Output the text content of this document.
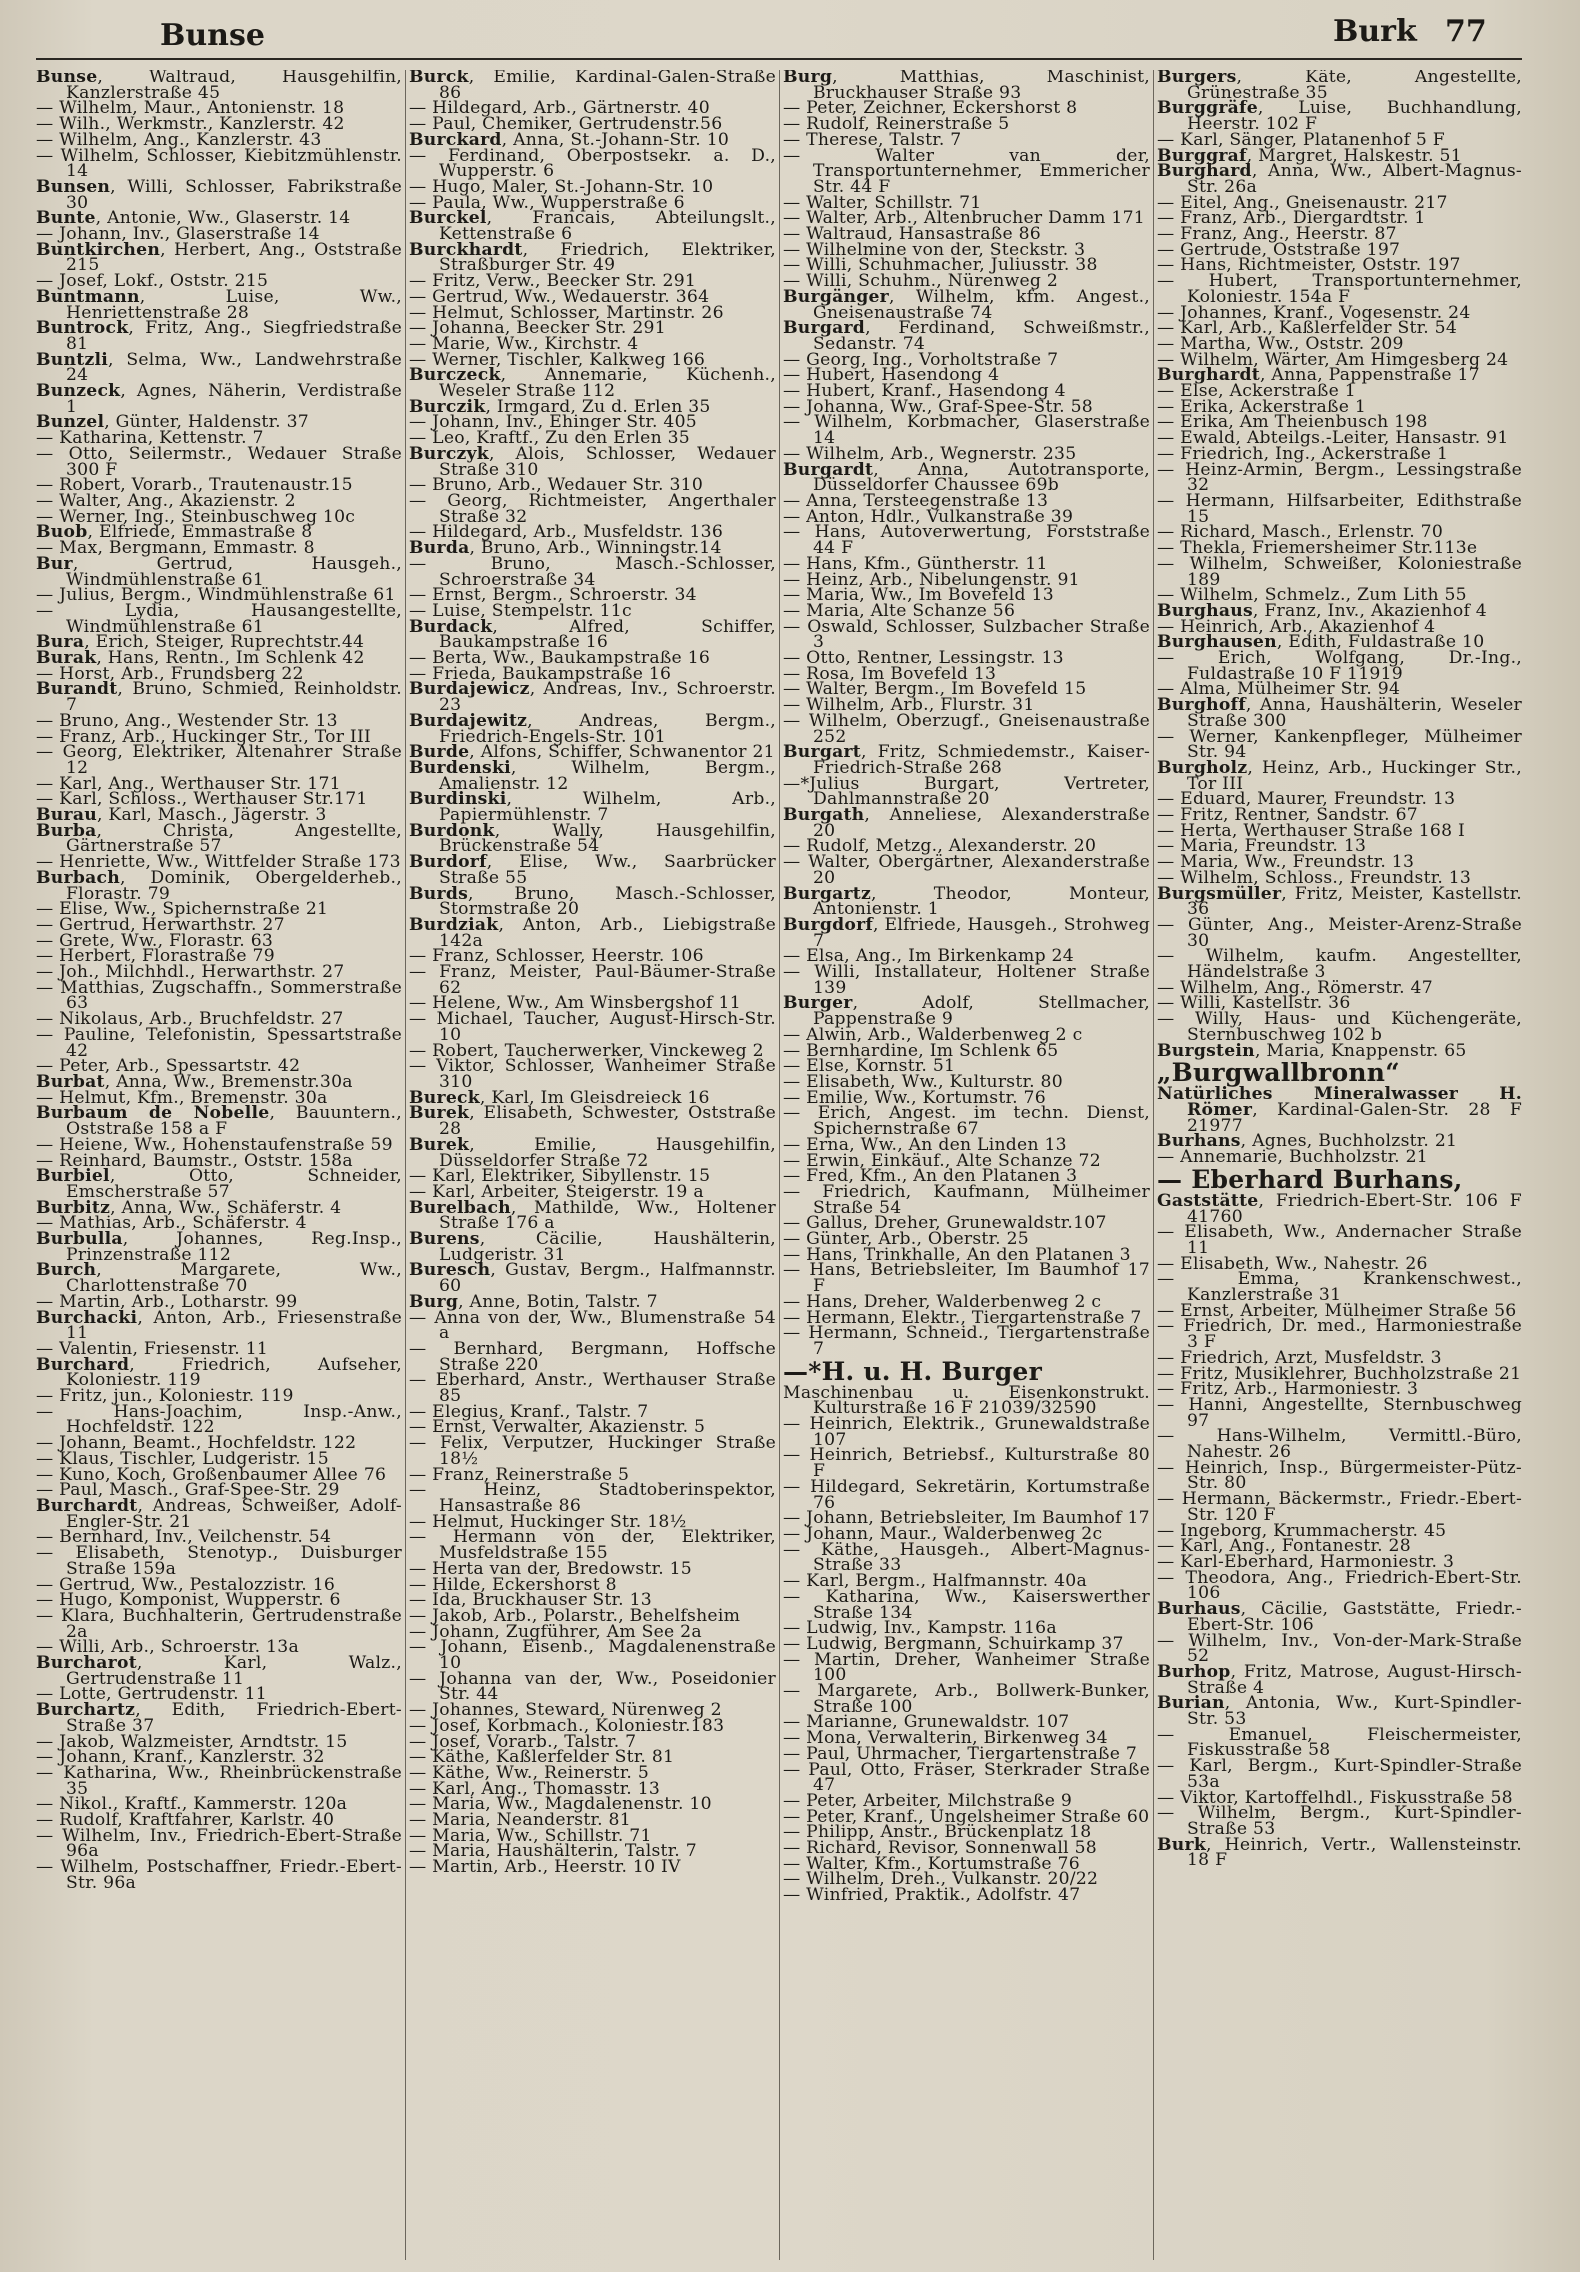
Bunse	Burk 77
Bunse, Waltraud, Hausgehilfin, Kanzlerstraße 45
— Wilhelm, Maur., Antonienstr. 18
— Wilh., Werkmstr., Kanzlerstr. 42
— Wilhelm, Ang., Kanzlerstr. 43
— Wilhelm, Schlosser, Kiebitzmühlenstr. 14
Bunsen, Willi, Schlosser, Fabrikstraße 30
Bunte, Antonie, Ww., Glaserstr. 14
— Johann, Inv., Glaserstraße 14
Buntkirchen, Herbert, Ang., Oststraße 215
— Josef, Lokf., Oststr. 215
Buntmann, Luise, Ww., Henriettenstraße 28
Buntrock, Fritz, Ang., Siegfriedstraße 81
Buntzli, Selma, Ww., Landwehrstraße 24
Bunzeck, Agnes, Näherin, Verdistraße 1
Bunzel, Günter, Haldenstr. 37
— Katharina, Kettenstr. 7
— Otto, Seilermstr., Wedauer Straße 300 F
— Robert, Vorarb., Trautenaustr.15
— Walter, Ang., Akazienstr. 2
— Werner, Ing., Steinbuschweg 10c
Buob, Elfriede, Emmastraße 8
— Max, Bergmann, Emmastr. 8
Bur, Gertrud, Hausgeh., Windmühlenstraße 61
— Julius, Bergm., Windmühlenstraße 61
— Lydia, Hausangestellte, Windmühlenstraße 61
Bura, Erich, Steiger, Ruprechtstr.44
Burak, Hans, Rentn., Im Schlenk 42
— Horst, Arb., Frundsberg 22
Burandt, Bruno, Schmied, Reinholdstr. 7
— Bruno, Ang., Westender Str. 13
— Franz, Arb., Huckinger Str., Tor III
— Georg, Elektriker, Altenahrer Straße 12
— Karl, Ang., Werthauser Str. 171
— Karl, Schloss., Werthauser Str.171
Burau, Karl, Masch., Jägerstr. 3
Burba, Christa, Angestellte, Gärtnerstraße 57
— Henriette, Ww., Wittfelder Straße 173
Burbach, Dominik, Obergelderheb., Florastr. 79
— Elise, Ww., Spichernstraße 21
— Gertrud, Herwarthstr. 27
— Grete, Ww., Florastr. 63
— Herbert, Florastraße 79
— Joh., Milchhdl., Herwarthstr. 27
— Matthias, Zugschaffn., Sommerstraße 63
— Nikolaus, Arb., Bruchfeldstr. 27
— Pauline, Telefonistin, Spessartstraße 42
— Peter, Arb., Spessartstr. 42
Burbat, Anna, Ww., Bremenstr.30a
— Helmut, Kfm., Bremenstr. 30a
Burbaum de Nobelle, Bauuntern., Oststraße 158 a F
— Heiene, Ww., Hohenstaufenstraße 59
— Reinhard, Baumstr., Oststr. 158a
Burbiel, Otto, Schneider, Emscherstraße 57
Burbitz, Anna, Ww., Schäferstr. 4
— Mathias, Arb., Schäferstr. 4
Burbulla, Johannes, Reg.Insp., Prinzenstraße 112
Burch, Margarete, Ww., Charlottenstraße 70
— Martin, Arb., Lotharstr. 99
Burchacki, Anton, Arb., Friesenstraße 11
— Valentin, Friesenstr. 11
Burchard, Friedrich, Aufseher, Koloniestr. 119
— Fritz, jun., Koloniestr. 119
— Hans-Joachim, Insp.-Anw., Hochfeldstr. 122
— Johann, Beamt., Hochfeldstr. 122
— Klaus, Tischler, Ludgeristr. 15
— Kuno, Koch, Großenbaumer Allee 76
— Paul, Masch., Graf-Spee-Str. 29
Burchardt, Andreas, Schweißer, Adolf-Engler-Str. 21
— Bernhard, Inv., Veilchenstr. 54
— Elisabeth, Stenotyp., Duisburger Straße 159a
— Gertrud, Ww., Pestalozzistr. 16
— Hugo, Komponist, Wupperstr. 6
— Klara, Buchhalterin, Gertrudenstraße 2a
— Willi, Arb., Schroerstr. 13a
Burcharot, Karl, Walz., Gertrudenstraße 11
— Lotte, Gertrudenstr. 11
Burchartz, Edith, Friedrich-Ebert-Straße 37
— Jakob, Walzmeister, Arndtstr. 15
— Johann, Kranf., Kanzlerstr. 32
— Katharina, Ww., Rheinbrückenstraße 35
— Nikol., Kraftf., Kammerstr. 120a
— Rudolf, Kraftfahrer, Karlstr. 40
— Wilhelm, Inv., Friedrich-Ebert-Straße 96a
— Wilhelm, Postschaffner, Friedr.-Ebert-Str. 96a
Burck, Emilie, Kardinal-Galen-Straße 86
— Hildegard, Arb., Gärtnerstr. 40
— Paul, Chemiker, Gertrudenstr.56
Burckard, Anna, St.-Johann-Str. 10
— Ferdinand, Oberpostsekr. a. D., Wupperstr. 6
— Hugo, Maler, St.-Johann-Str. 10
— Paula, Ww., Wupperstraße 6
Burckel, Francais, Abteilungslt., Kettenstraße 6
Burckhardt, Friedrich, Elektriker, Straßburger Str. 49
— Fritz, Verw., Beecker Str. 291
— Gertrud, Ww., Wedauerstr. 364
— Helmut, Schlosser, Martinstr. 26
— Johanna, Beecker Str. 291
— Marie, Ww., Kirchstr. 4
— Werner, Tischler, Kalkweg 166
Burczeck, Annemarie, Küchenh., Weseler Straße 112
Burczik, Irmgard, Zu d. Erlen 35
— Johann, Inv., Ehinger Str. 405
— Leo, Kraftf., Zu den Erlen 35
Burczyk, Alois, Schlosser, Wedauer Straße 310
— Bruno, Arb., Wedauer Str. 310
— Georg, Richtmeister, Angerthaler Straße 32
— Hildegard, Arb., Musfeldstr. 136
Burda, Bruno, Arb., Winningstr.14
— Bruno, Masch.-Schlosser, Schroerstraße 34
— Ernst, Bergm., Schroerstr. 34
— Luise, Stempelstr. 11c
Burdack, Alfred, Schiffer, Baukampstraße 16
— Berta, Ww., Baukampstraße 16
— Frieda, Baukampstraße 16
Burdajewicz, Andreas, Inv., Schroerstr. 23
Burdajewitz, Andreas, Bergm., Friedrich-Engels-Str. 101
Burde, Alfons, Schiffer, Schwanentor 21
Burdenski, Wilhelm, Bergm., Amalienstr. 12
Burdinski, Wilhelm, Arb., Papiermühlenstr. 7
Burdonk, Wally, Hausgehilfin, Brückenstraße 54
Burdorf, Elise, Ww., Saarbrücker Straße 55
Burds, Bruno, Masch.-Schlosser, Stormstraße 20
Burdziak, Anton, Arb., Liebigstraße 142a
— Franz, Schlosser, Heerstr. 106
— Franz, Meister, Paul-Bäumer-Straße 62
— Helene, Ww., Am Winsbergshof 11
— Michael, Taucher, August-Hirsch-Str. 10
— Robert, Taucherwerker, Vinckeweg 2
— Viktor, Schlosser, Wanheimer Straße 310
Bureck, Karl, Im Gleisdreieck 16
Burek, Elisabeth, Schwester, Oststraße 28
Burek, Emilie, Hausgehilfin, Düsseldorfer Straße 72
— Karl, Elektriker, Sibyllenstr. 15
— Karl, Arbeiter, Steigerstr. 19 a
Burelbach, Mathilde, Ww., Holtener Straße 176 a
Burens, Cäcilie, Haushälterin, Ludgeristr. 31
Buresch, Gustav, Bergm., Halfmannstr. 60
Burg, Anne, Botin, Talstr. 7
— Anna von der, Ww., Blumenstraße 54 a
— Bernhard, Bergmann, Hoffsche Straße 220
— Eberhard, Anstr., Werthauser Straße 85
— Elegius, Kranf., Talstr. 7
— Ernst, Verwalter, Akazienstr. 5
— Felix, Verputzer, Huckinger Straße 18½
— Franz, Reinerstraße 5
— Heinz, Stadtoberinspektor, Hansastraße 86
— Helmut, Huckinger Str. 18½
— Hermann von der, Elektriker, Musfeldstraße 155
— Herta van der, Bredowstr. 15
— Hilde, Eckershorst 8
— Ida, Bruckhauser Str. 13
— Jakob, Arb., Polarstr., Behelfsheim
— Johann, Zugführer, Am See 2a
— Johann, Eisenb., Magdalenenstraße 10
— Johanna van der, Ww., Poseidonier Str. 44
— Johannes, Steward, Nürenweg 2
— Josef, Korbmach., Koloniestr.183
— Josef, Vorarb., Talstr. 7
— Käthe, Kaßlerfelder Str. 81
— Käthe, Ww., Reinerstr. 5
— Karl, Ang., Thomasstr. 13
— Maria, Ww., Magdalenenstr. 10
— Maria, Neanderstr. 81
— Maria, Ww., Schillstr. 71
— Maria, Haushälterin, Talstr. 7
— Martin, Arb., Heerstr. 10 IV
Burg, Matthias, Maschinist, Bruckhauser Straße 93
— Peter, Zeichner, Eckershorst 8
— Rudolf, Reinerstraße 5
— Therese, Talstr. 7
— Walter van der, Transportunternehmer, Emmericher Str. 44 F
— Walter, Schillstr. 71
— Walter, Arb., Altenbrucher Damm 171
— Waltraud, Hansastraße 86
— Wilhelmine von der, Steckstr. 3
— Willi, Schuhmacher, Juliusstr. 38
— Willi, Schuhm., Nürenweg 2
Burgänger, Wilhelm, kfm. Angest., Gneisenaustraße 74
Burgard, Ferdinand, Schweißmstr., Sedanstr. 74
— Georg, Ing., Vorholtstraße 7
— Hubert, Hasendong 4
— Hubert, Kranf., Hasendong 4
— Johanna, Ww., Graf-Spee-Str. 58
— Wilhelm, Korbmacher, Glaserstraße 14
— Wilhelm, Arb., Wegnerstr. 235
Burgardt, Anna, Autotransporte, Düsseldorfer Chaussee 69b
— Anna, Tersteegenstraße 13
— Anton, Hdlr., Vulkanstraße 39
— Hans, Autoverwertung, Forststraße 44 F
— Hans, Kfm., Güntherstr. 11
— Heinz, Arb., Nibelungenstr. 91
— Maria, Ww., Im Bovefeld 13
— Maria, Alte Schanze 56
— Oswald, Schlosser, Sulzbacher Straße 3
— Otto, Rentner, Lessingstr. 13
— Rosa, Im Bovefeld 13
— Walter, Bergm., Im Bovefeld 15
— Wilhelm, Arb., Flurstr. 31
— Wilhelm, Oberzugf., Gneisenaustraße 252
Burgart, Fritz, Schmiedemstr., Kaiser-Friedrich-Straße 268
—*Julius Burgart, Vertreter, Dahlmannstraße 20
Burgath, Anneliese, Alexanderstraße 20
— Rudolf, Metzg., Alexanderstr. 20
— Walter, Obergärtner, Alexanderstraße 20
Burgartz, Theodor, Monteur, Antonienstr. 1
Burgdorf, Elfriede, Hausgeh., Strohweg 7
— Elsa, Ang., Im Birkenkamp 24
— Willi, Installateur, Holtener Straße 139
Burger, Adolf, Stellmacher, Pappenstraße 9
— Alwin, Arb., Walderbenweg 2 c
— Bernhardine, Im Schlenk 65
— Else, Kornstr. 51
— Elisabeth, Ww., Kulturstr. 80
— Emilie, Ww., Kortumstr. 76
— Erich, Angest. im techn. Dienst, Spichernstraße 67
— Erna, Ww., An den Linden 13
— Erwin, Einkäuf., Alte Schanze 72
— Fred, Kfm., An den Platanen 3
— Friedrich, Kaufmann, Mülheimer Straße 54
— Gallus, Dreher, Grunewaldstr.107
— Günter, Arb., Oberstr. 25
— Hans, Trinkhalle, An den Platanen 3
— Hans, Betriebsleiter, Im Baumhof 17 F
— Hans, Dreher, Walderbenweg 2 c
— Hermann, Elektr., Tiergartenstraße 7
— Hermann, Schneid., Tiergartenstraße 7
—*H. u. H. Burger
Maschinenbau u. Eisenkonstrukt. Kulturstraße 16 F 21039/32590
— Heinrich, Elektrik., Grunewaldstraße 107
— Heinrich, Betriebsf., Kulturstraße 80 F
— Hildegard, Sekretärin, Kortumstraße 76
— Johann, Betriebsleiter, Im Baumhof 17
— Johann, Maur., Walderbenweg 2c
— Käthe, Hausgeh., Albert-Magnus-Straße 33
— Karl, Bergm., Halfmannstr. 40a
— Katharina, Ww., Kaiserswerther Straße 134
— Ludwig, Inv., Kampstr. 116a
— Ludwig, Bergmann, Schuirkamp 37
— Martin, Dreher, Wanheimer Straße 100
— Margarete, Arb., Bollwerk-Bunker, Straße 100
— Marianne, Grunewaldstr. 107
— Mona, Verwalterin, Birkenweg 34
— Paul, Uhrmacher, Tiergartenstraße 7
— Paul, Otto, Fräser, Sterkrader Straße 47
— Peter, Arbeiter, Milchstraße 9
— Peter, Kranf., Ungelsheimer Straße 60
— Philipp, Anstr., Brückenplatz 18
— Richard, Revisor, Sonnenwall 58
— Walter, Kfm., Kortumstraße 76
— Wilhelm, Dreh., Vulkanstr. 20/22
— Winfried, Praktik., Adolfstr. 47
Burgers, Käte, Angestellte, Grünestraße 35
Burggräfe, Luise, Buchhandlung, Heerstr. 102 F
— Karl, Sänger, Platanenhof 5 F
Burggraf, Margret, Halskestr. 51
Burghard, Anna, Ww., Albert-Magnus-Str. 26a
— Eitel, Ang., Gneisenaustr. 217
— Franz, Arb., Diergardtstr. 1
— Franz, Ang., Heerstr. 87
— Gertrude, Oststraße 197
— Hans, Richtmeister, Oststr. 197
— Hubert, Transportunternehmer, Koloniestr. 154a F
— Johannes, Kranf., Vogesenstr. 24
— Karl, Arb., Kaßlerfelder Str. 54
— Martha, Ww., Oststr. 209
— Wilhelm, Wärter, Am Himgesberg 24
Burghardt, Anna, Pappenstraße 17
— Else, Ackerstraße 1
— Erika, Ackerstraße 1
— Erika, Am Theienbusch 198
— Ewald, Abteilgs.-Leiter, Hansastr. 91
— Friedrich, Ing., Ackerstraße 1
— Heinz-Armin, Bergm., Lessingstraße 32
— Hermann, Hilfsarbeiter, Edithstraße 15
— Richard, Masch., Erlenstr. 70
— Thekla, Friemersheimer Str.113e
— Wilhelm, Schweißer, Koloniestraße 189
— Wilhelm, Schmelz., Zum Lith 55
Burghaus, Franz, Inv., Akazienhof 4
— Heinrich, Arb., Akazienhof 4
Burghausen, Edith, Fuldastraße 10
— Erich, Wolfgang, Dr.-Ing., Fuldastraße 10 F 11919
— Alma, Mülheimer Str. 94
Burghoff, Anna, Haushälterin, Weseler Straße 300
— Werner, Kankenpfleger, Mülheimer Str. 94
Burgholz, Heinz, Arb., Huckinger Str., Tor III
— Eduard, Maurer, Freundstr. 13
— Fritz, Rentner, Sandstr. 67
— Herta, Werthauser Straße 168 I
— Maria, Freundstr. 13
— Maria, Ww., Freundstr. 13
— Wilhelm, Schloss., Freundstr. 13
Burgsmüller, Fritz, Meister, Kastellstr. 36
— Günter, Ang., Meister-Arenz-Straße 30
— Wilhelm, kaufm. Angestellter, Händelstraße 3
— Wilhelm, Ang., Römerstr. 47
— Willi, Kastellstr. 36
— Willy, Haus- und Küchengeräte, Sternbuschweg 102 b
Burgstein, Maria, Knappenstr. 65
„Burgwallbronn“
Natürliches Mineralwasser H. Römer, Kardinal-Galen-Str. 28 F 21977
Burhans, Agnes, Buchholzstr. 21
— Annemarie, Buchholzstr. 21
— Eberhard Burhans,
Gaststätte, Friedrich-Ebert-Str. 106 F 41760
— Elisabeth, Ww., Andernacher Straße 11
— Elisabeth, Ww., Nahestr. 26
— Emma, Krankenschwest., Kanzlerstraße 31
— Ernst, Arbeiter, Mülheimer Straße 56
— Friedrich, Dr. med., Harmoniestraße 3 F
— Friedrich, Arzt, Musfeldstr. 3
— Fritz, Musiklehrer, Buchholzstraße 21
— Fritz, Arb., Harmoniestr. 3
— Hanni, Angestellte, Sternbuschweg 97
— Hans-Wilhelm, Vermittl.-Büro, Nahestr. 26
— Heinrich, Insp., Bürgermeister-Pütz-Str. 80
— Hermann, Bäckermstr., Friedr.-Ebert-Str. 120 F
— Ingeborg, Krummacherstr. 45
— Karl, Ang., Fontanestr. 28
— Karl-Eberhard, Harmoniestr. 3
— Theodora, Ang., Friedrich-Ebert-Str. 106
Burhaus, Cäcilie, Gaststätte, Friedr.-Ebert-Str. 106
— Wilhelm, Inv., Von-der-Mark-Straße 52
Burhop, Fritz, Matrose, August-Hirsch-Straße 4
Burian, Antonia, Ww., Kurt-Spindler-Str. 53
— Emanuel, Fleischermeister, Fiskusstraße 58
— Karl, Bergm., Kurt-Spindler-Straße 53a
— Viktor, Kartoffelhdl., Fiskusstraße 58
— Wilhelm, Bergm., Kurt-Spindler-Straße 53
Burk, Heinrich, Vertr., Wallensteinstr. 18 F
